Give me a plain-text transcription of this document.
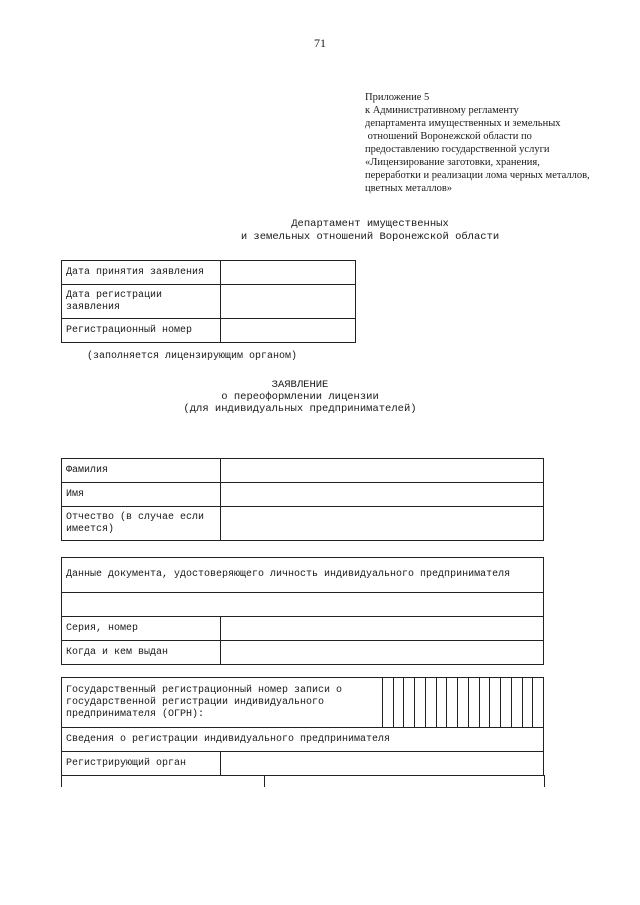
71
Приложение 5
к Административному регламенту
департамента имущественных и земельных
отношений Воронежской области по
предоставлению государственной услуги
«Лицензирование заготовки, хранения,
переработки и реализации лома черных металлов,
цветных металлов»
Департамент имущественных
и земельных отношений Воронежской области
Дата принятия заявления	
Дата регистрации заявления	
Регистрационный номер	
(заполняется лицензирующим органом)
ЗАЯВЛЕНИЕ
о переоформлении лицензии
(для индивидуальных предпринимателей)
Фамилия	
Имя	
Отчество (в случае если имеется)	
Данные документа, удостоверяющего личность индивидуального предпринимателя	

Серия, номер	
Когда и кем выдан	
Государственный регистрационный номер записи о государственной регистрации индивидуального предпринимателя (ОГРН):		

Сведения о регистрации индивидуального предпринимателя		
Регистрирующий орган		
